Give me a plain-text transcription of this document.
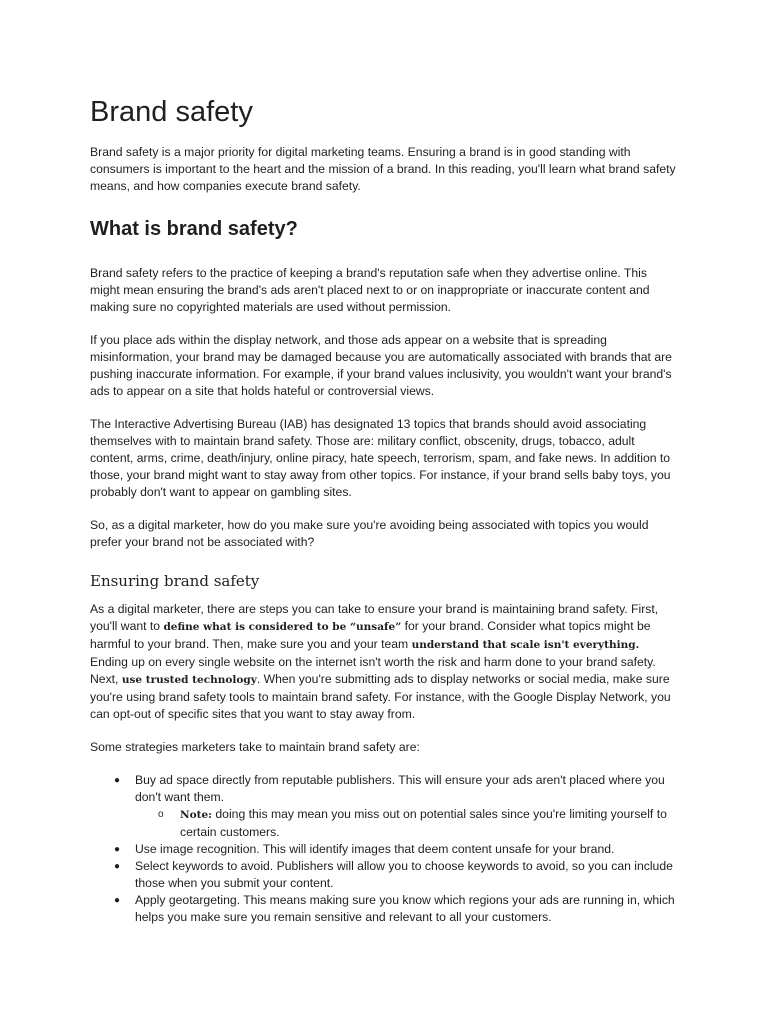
Brand safety

Brand safety is a major priority for digital marketing teams. Ensuring a brand is in good standing with consumers is important to the heart and the mission of a brand. In this reading, you'll learn what brand safety means, and how companies execute brand safety.

What is brand safety?

Brand safety refers to the practice of keeping a brand's reputation safe when they advertise online. This might mean ensuring the brand's ads aren't placed next to or on inappropriate or inaccurate content and making sure no copyrighted materials are used without permission.

If you place ads within the display network, and those ads appear on a website that is spreading misinformation, your brand may be damaged because you are automatically associated with brands that are pushing inaccurate information. For example, if your brand values inclusivity, you wouldn't want your brand's ads to appear on a site that holds hateful or controversial views.

The Interactive Advertising Bureau (IAB) has designated 13 topics that brands should avoid associating themselves with to maintain brand safety. Those are: military conflict, obscenity, drugs, tobacco, adult content, arms, crime, death/injury, online piracy, hate speech, terrorism, spam, and fake news. In addition to those, your brand might want to stay away from other topics. For instance, if your brand sells baby toys, you probably don't want to appear on gambling sites.

So, as a digital marketer, how do you make sure you're avoiding being associated with topics you would prefer your brand not be associated with?

Ensuring brand safety

As a digital marketer, there are steps you can take to ensure your brand is maintaining brand safety. First, you'll want to define what is considered to be “unsafe” for your brand. Consider what topics might be harmful to your brand. Then, make sure you and your team understand that scale isn't everything. Ending up on every single website on the internet isn't worth the risk and harm done to your brand safety. Next, use trusted technology. When you're submitting ads to display networks or social media, make sure you're using brand safety tools to maintain brand safety. For instance, with the Google Display Network, you can opt-out of specific sites that you want to stay away from.

Some strategies marketers take to maintain brand safety are:

● Buy ad space directly from reputable publishers. This will ensure your ads aren't placed where you don't want them.
o Note: doing this may mean you miss out on potential sales since you're limiting yourself to certain customers.
● Use image recognition. This will identify images that deem content unsafe for your brand.
● Select keywords to avoid. Publishers will allow you to choose keywords to avoid, so you can include those when you submit your content.
● Apply geotargeting. This means making sure you know which regions your ads are running in, which helps you make sure you remain sensitive and relevant to all your customers.
